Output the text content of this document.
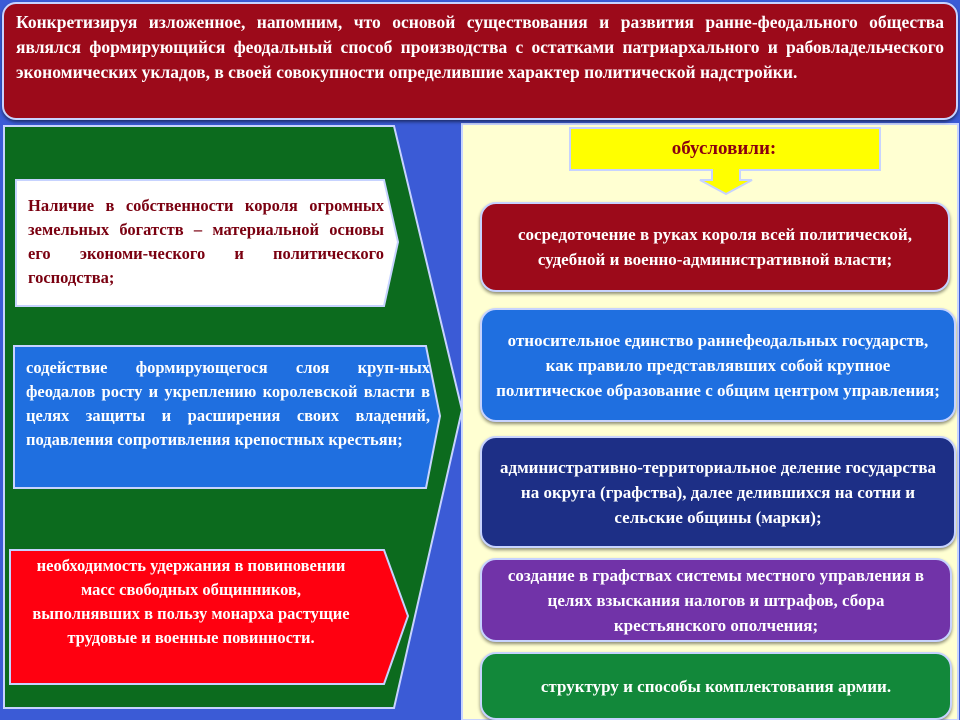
Конкретизируя изложенное, напомним, что основой существования и развития ранне-феодального общества являлся формирующийся феодальный способ производства с остатками патриархального и рабовладельческого экономических укладов, в своей совокупности определившие характер политической надстройки.
Наличие в собственности короля огромных земельных богатств – материальной основы его экономи-ческого и политического господства;
содействие формирующегося слоя круп-ных феодалов росту и укреплению королевской власти в целях защиты и расширения своих владений, подавления сопротивления крепостных крестьян;
необходимость удержания в повиновении масс свободных общинников, выполнявших в пользу монарха растущие трудовые и военные повинности.
обусловили:
сосредоточение в руках короля всей политической, судебной и военно-административной власти;
относительное единство раннефеодальных государств, как правило представлявших собой крупное политическое образование с общим центром управления;
административно-территориальное деление государства на округа (графства), далее делившихся на сотни и сельские общины (марки);
создание в графствах системы местного управления в целях взыскания налогов и штрафов, сбора крестьянского ополчения;
структуру и способы комплектования армии.
